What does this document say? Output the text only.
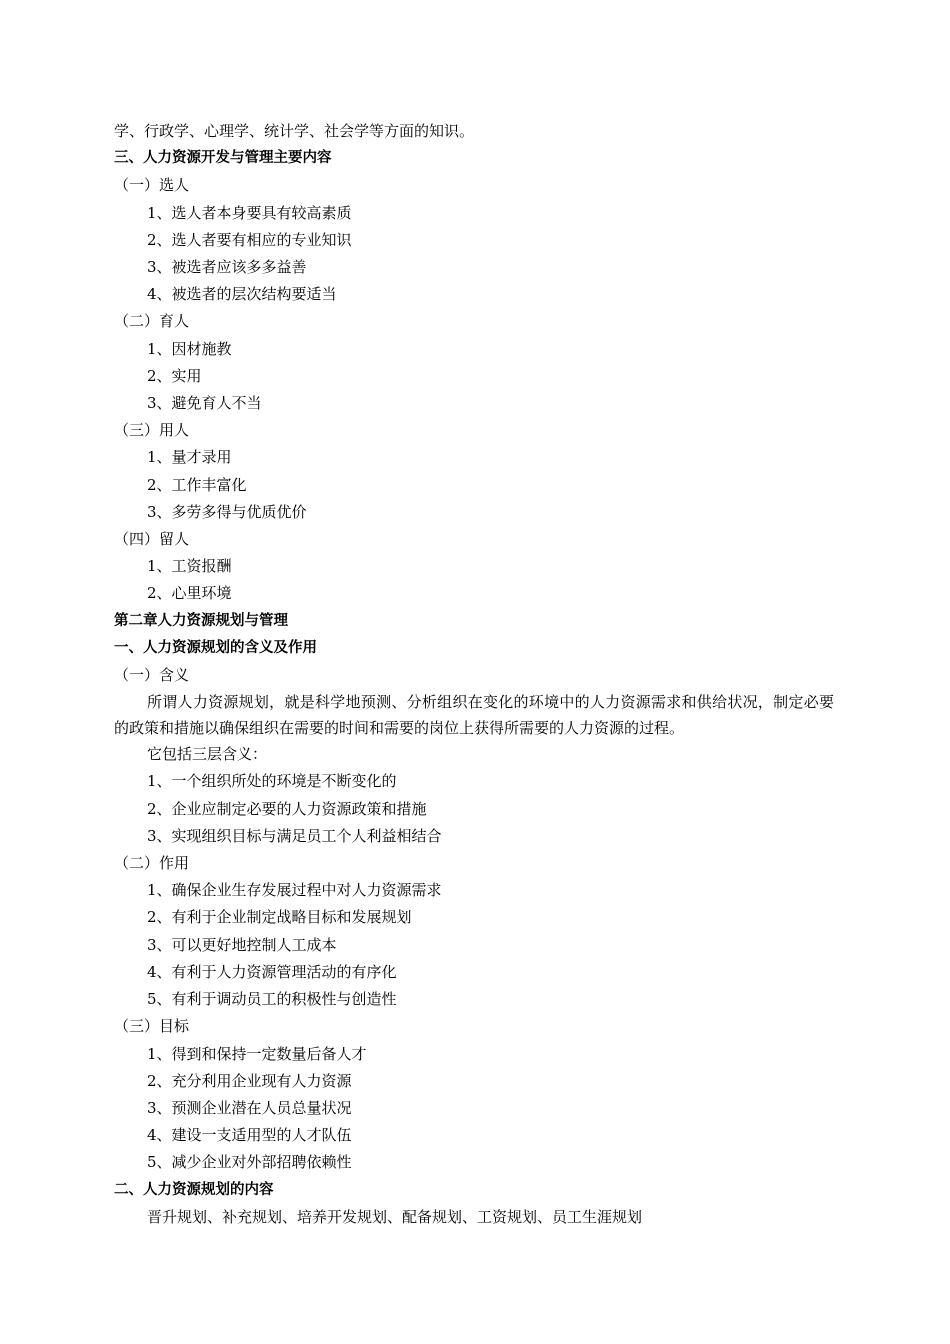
学、行政学、心理学、统计学、社会学等方面的知识。
三、人力资源开发与管理主要内容
（一）选人
1、选人者本身要具有较高素质
2、选人者要有相应的专业知识
3、被选者应该多多益善
4、被选者的层次结构要适当
（二）育人
1、因材施教
2、实用
3、避免育人不当
（三）用人
1、量才录用
2、工作丰富化
3、多劳多得与优质优价
（四）留人
1、工资报酬
2、心里环境
第二章人力资源规划与管理
一、人力资源规划的含义及作用
（一）含义
所谓人力资源规划，就是科学地预测、分析组织在变化的环境中的人力资源需求和供给状况，制定必要的政策和措施以确保组织在需要的时间和需要的岗位上获得所需要的人力资源的过程。
它包括三层含义：
1、一个组织所处的环境是不断变化的
2、企业应制定必要的人力资源政策和措施
3、实现组织目标与满足员工个人利益相结合
（二）作用
1、确保企业生存发展过程中对人力资源需求
2、有利于企业制定战略目标和发展规划
3、可以更好地控制人工成本
4、有利于人力资源管理活动的有序化
5、有利于调动员工的积极性与创造性
（三）目标
1、得到和保持一定数量后备人才
2、充分利用企业现有人力资源
3、预测企业潜在人员总量状况
4、建设一支适用型的人才队伍
5、减少企业对外部招聘依赖性
二、人力资源规划的内容
晋升规划、补充规划、培养开发规划、配备规划、工资规划、员工生涯规划
